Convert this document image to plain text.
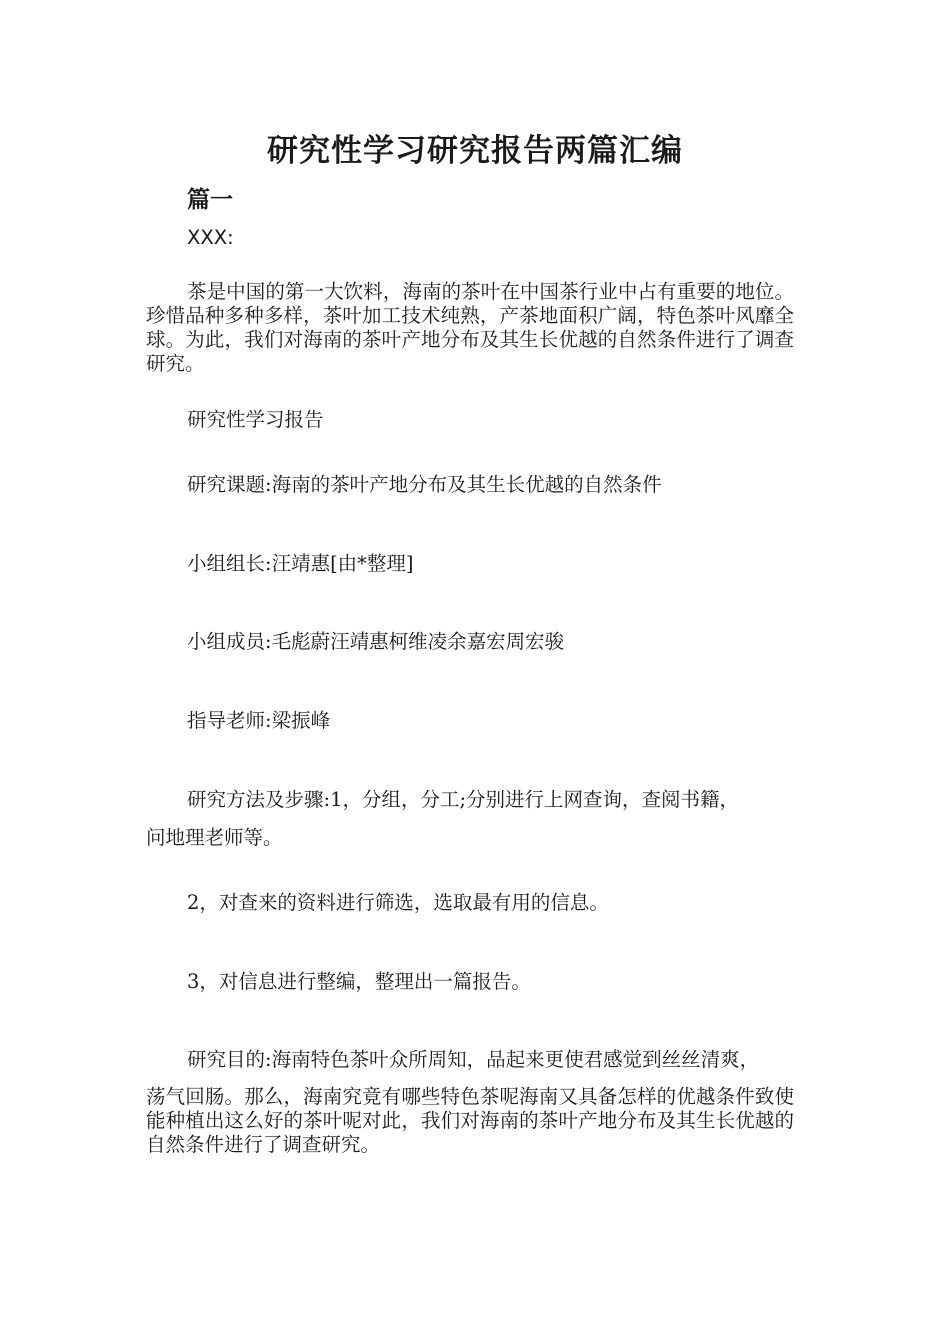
研究性学习研究报告两篇汇编
篇一
XXX:
茶是中国的第一大饮料，海南的茶叶在中国茶行业中占有重要的地位。珍惜品种多种多样，茶叶加工技术纯熟，产茶地面积广阔，特色茶叶风靡全球。为此，我们对海南的茶叶产地分布及其生长优越的自然条件进行了调查研究。
研究性学习报告
研究课题:海南的茶叶产地分布及其生长优越的自然条件
小组组长:汪靖惠[由*整理]
小组成员:毛彪蔚汪靖惠柯维凌余嘉宏周宏骏
指导老师:梁振峰
研究方法及步骤:1，分组，分工;分别进行上网查询，查阅书籍，
问地理老师等。
2，对查来的资料进行筛选，选取最有用的信息。
3，对信息进行整编，整理出一篇报告。
研究目的:海南特色茶叶众所周知，品起来更使君感觉到丝丝清爽，
荡气回肠。那么，海南究竟有哪些特色茶呢海南又具备怎样的优越条件致使能种植出这么好的茶叶呢对此，我们对海南的茶叶产地分布及其生长优越的自然条件进行了调查研究。
